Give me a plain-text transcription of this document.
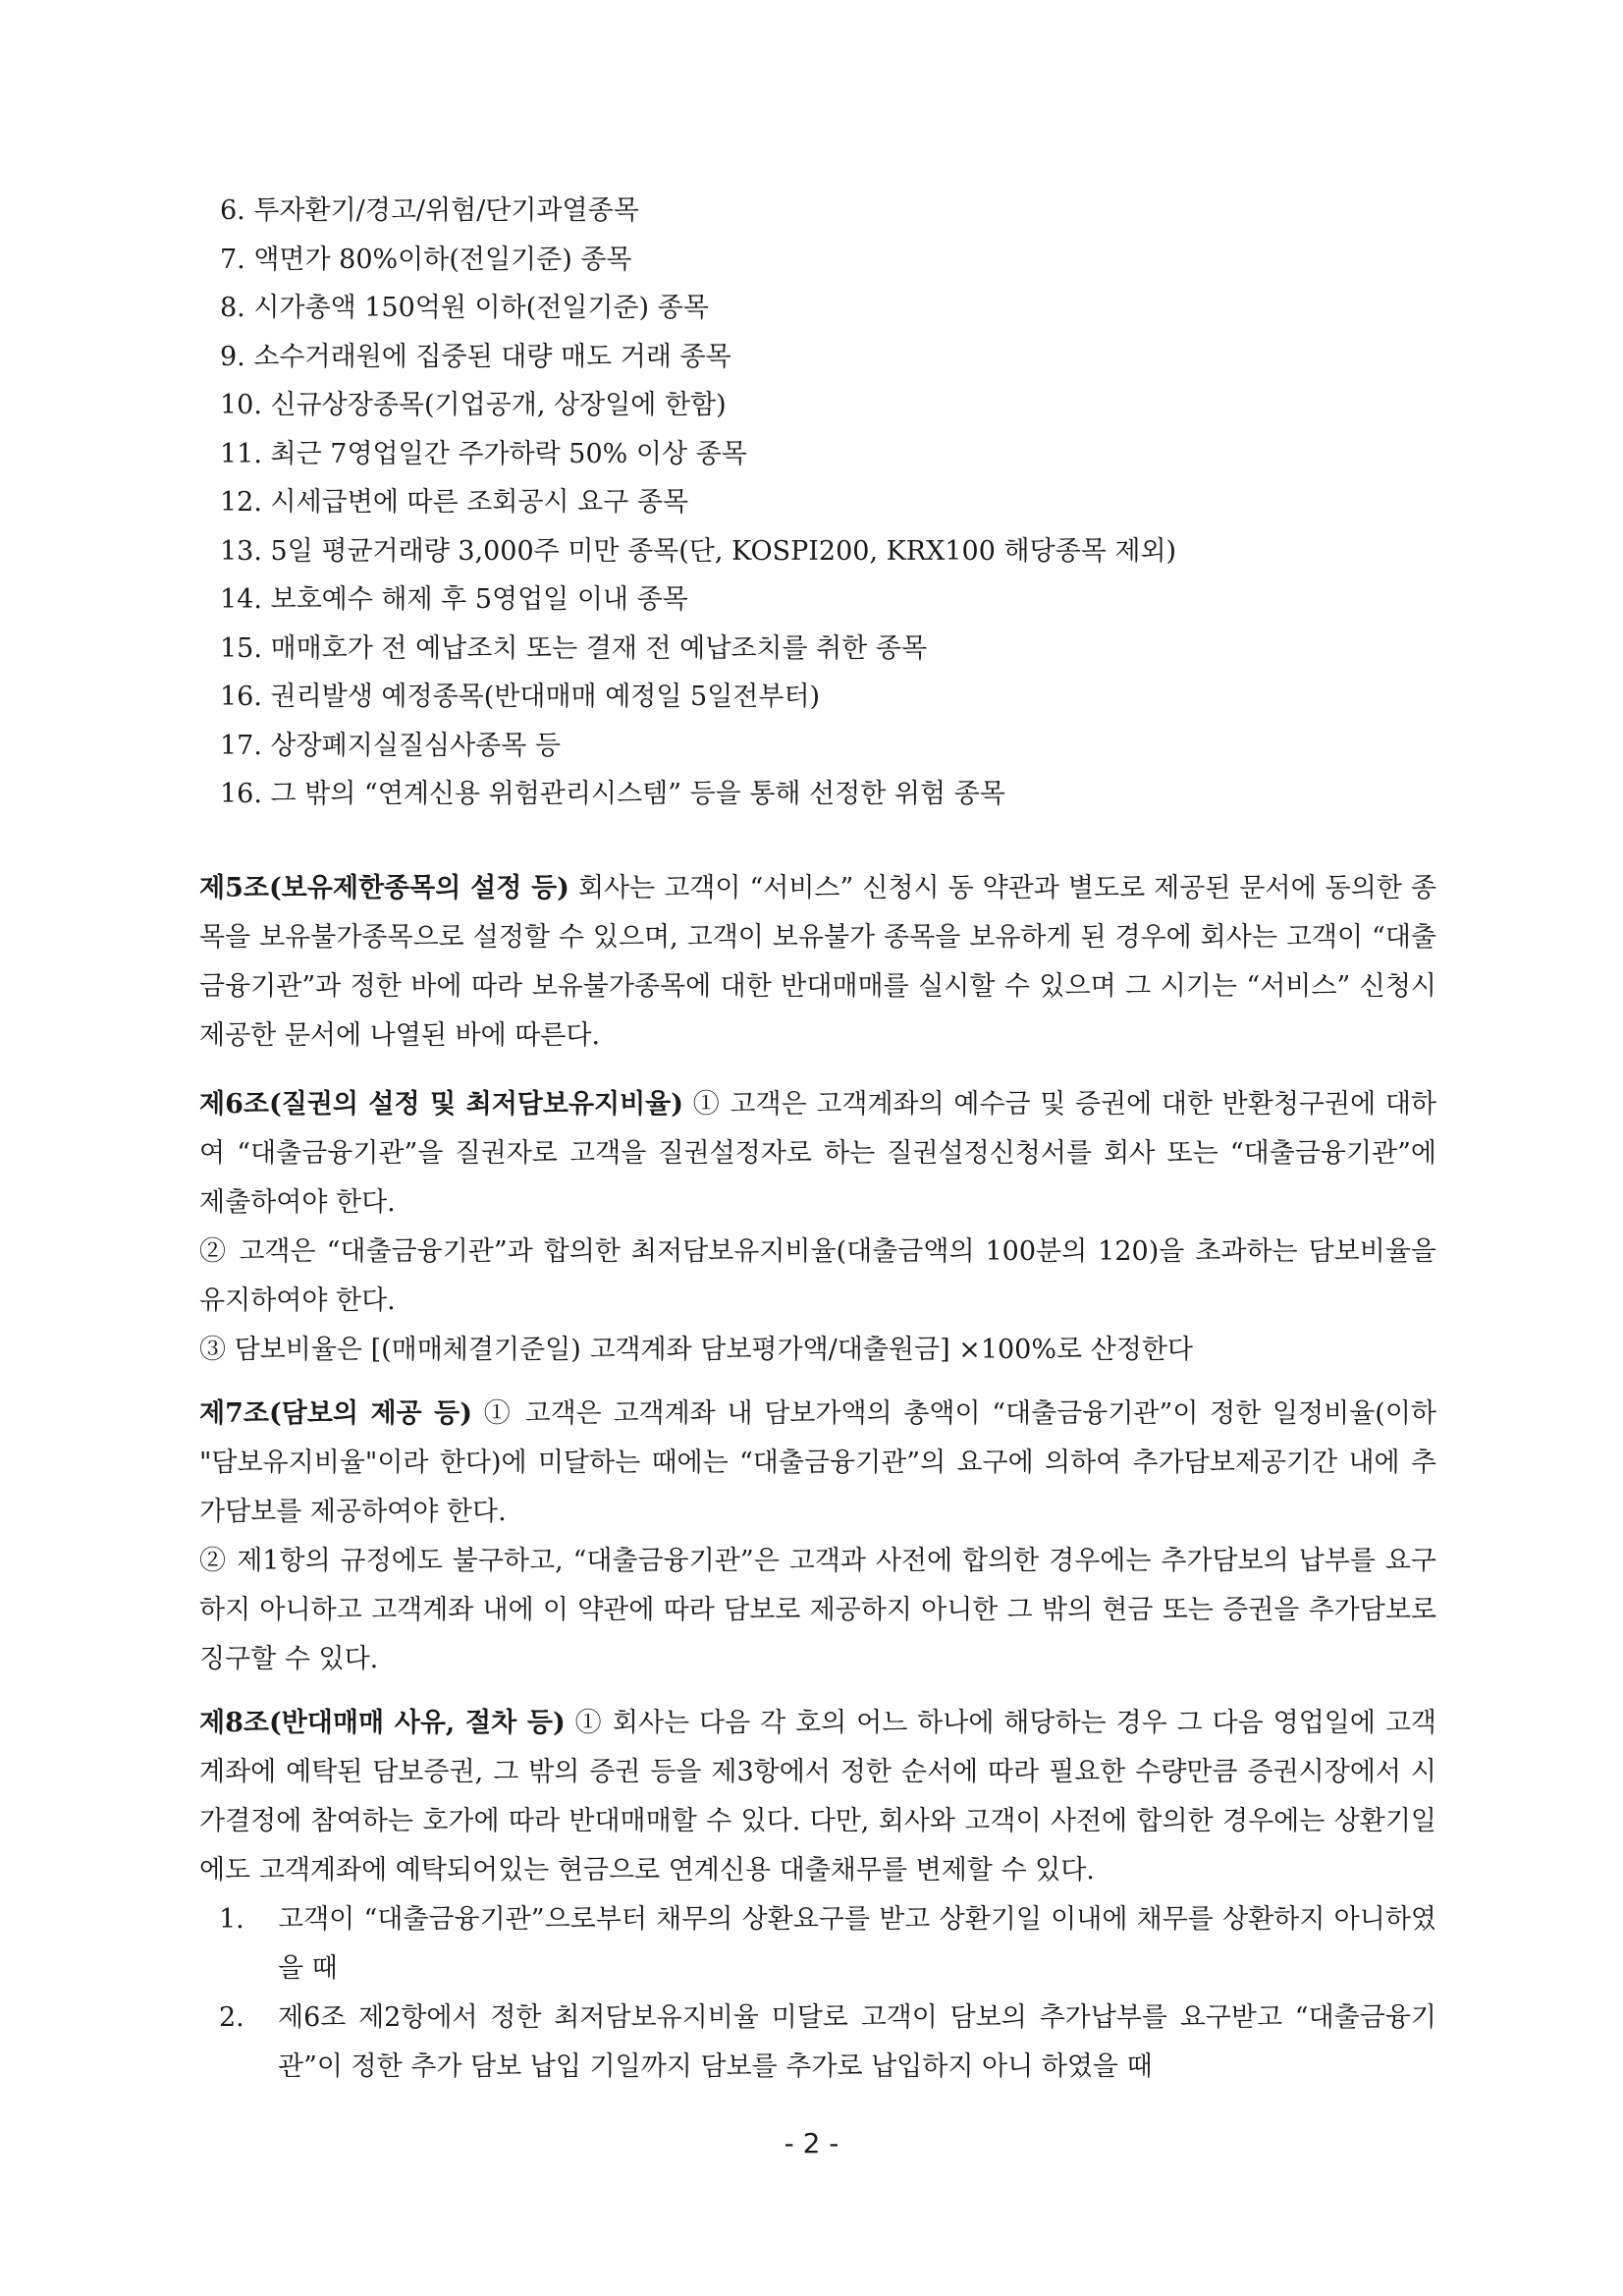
6. 투자환기/경고/위험/단기과열종목
7. 액면가 80%이하(전일기준) 종목
8. 시가총액 150억원 이하(전일기준) 종목
9. 소수거래원에 집중된 대량 매도 거래 종목
10. 신규상장종목(기업공개, 상장일에 한함)
11. 최근 7영업일간 주가하락 50% 이상 종목
12. 시세급변에 따른 조회공시 요구 종목
13. 5일 평균거래량 3,000주 미만 종목(단, KOSPI200, KRX100 해당종목 제외)
14. 보호예수 해제 후 5영업일 이내 종목
15. 매매호가 전 예납조치 또는 결재 전 예납조치를 취한 종목
16. 권리발생 예정종목(반대매매 예정일 5일전부터)
17. 상장폐지실질심사종목 등
16. 그 밖의 “연계신용 위험관리시스템” 등을 통해 선정한 위험 종목

제5조(보유제한종목의 설정 등) 회사는 고객이 “서비스” 신청시 동 약관과 별도로 제공된 문서에 동의한 종목을 보유불가종목으로 설정할 수 있으며, 고객이 보유불가 종목을 보유하게 된 경우에 회사는 고객이 “대출금융기관”과 정한 바에 따라 보유불가종목에 대한 반대매매를 실시할 수 있으며 그 시기는 “서비스” 신청시 제공한 문서에 나열된 바에 따른다.

제6조(질권의 설정 및 최저담보유지비율) ① 고객은 고객계좌의 예수금 및 증권에 대한 반환청구권에 대하여 “대출금융기관”을 질권자로 고객을 질권설정자로 하는 질권설정신청서를 회사 또는 “대출금융기관”에 제출하여야 한다.

② 고객은 “대출금융기관”과 합의한 최저담보유지비율(대출금액의 100분의 120)을 초과하는 담보비율을 유지하여야 한다.

③ 담보비율은 [(매매체결기준일) 고객계좌 담보평가액/대출원금] ×100%로 산정한다

제7조(담보의 제공 등) ① 고객은 고객계좌 내 담보가액의 총액이 “대출금융기관”이 정한 일정비율(이하 "담보유지비율"이라 한다)에 미달하는 때에는 “대출금융기관”의 요구에 의하여 추가담보제공기간 내에 추가담보를 제공하여야 한다.

② 제1항의 규정에도 불구하고, “대출금융기관”은 고객과 사전에 합의한 경우에는 추가담보의 납부를 요구하지 아니하고 고객계좌 내에 이 약관에 따라 담보로 제공하지 아니한 그 밖의 현금 또는 증권을 추가담보로 징구할 수 있다.

제8조(반대매매 사유, 절차 등) ① 회사는 다음 각 호의 어느 하나에 해당하는 경우 그 다음 영업일에 고객계좌에 예탁된 담보증권, 그 밖의 증권 등을 제3항에서 정한 순서에 따라 필요한 수량만큼 증권시장에서 시가결정에 참여하는 호가에 따라 반대매매할 수 있다. 다만, 회사와 고객이 사전에 합의한 경우에는 상환기일에도 고객계좌에 예탁되어있는 현금으로 연계신용 대출채무를 변제할 수 있다.

1.	고객이 “대출금융기관”으로부터 채무의 상환요구를 받고 상환기일 이내에 채무를 상환하지 아니하였을 때
2.	제6조 제2항에서 정한 최저담보유지비율 미달로 고객이 담보의 추가납부를 요구받고 “대출금융기관”이 정한 추가 담보 납입 기일까지 담보를 추가로 납입하지 아니 하였을 때
- 2 -
